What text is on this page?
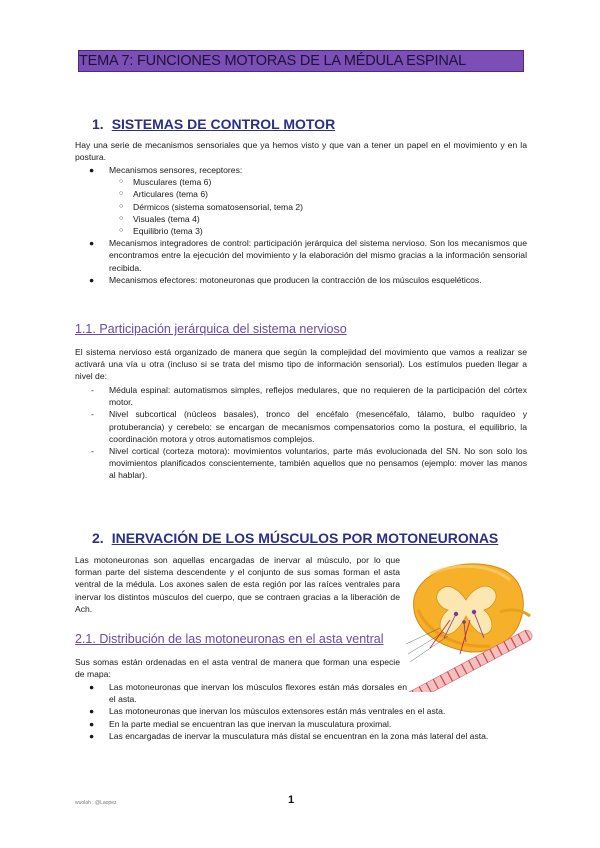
TEMA 7: FUNCIONES MOTORAS DE LA MÉDULA ESPINAL
1. SISTEMAS DE CONTROL MOTOR
Hay una serie de mecanismos sensoriales que ya hemos visto y que van a tener un papel en el movimiento y en la postura.
● Mecanismos sensores, receptores:
○ Musculares (tema 6)
○ Articulares (tema 6)
○ Dérmicos (sistema somatosensorial, tema 2)
○ Visuales (tema 4)
○ Equilibrio (tema 3)
● Mecanismos integradores de control: participación jerárquica del sistema nervioso. Son los mecanismos que encontramos entre la ejecución del movimiento y la elaboración del mismo gracias a la información sensorial recibida.
● Mecanismos efectores: motoneuronas que producen la contracción de los músculos esqueléticos.
1.1. Participación jerárquica del sistema nervioso
El sistema nervioso está organizado de manera que según la complejidad del movimiento que vamos a realizar se activará una vía u otra (incluso si se trata del mismo tipo de información sensorial). Los estímulos pueden llegar a nivel de:
- Médula espinal: automatismos simples, reflejos medulares, que no requieren de la participación del córtex motor.
- Nivel subcortical (núcleos basales), tronco del encéfalo (mesencéfalo, tálamo, bulbo raquídeo y protuberancia) y cerebelo: se encargan de mecanismos compensatorios como la postura, el equilibrio, la coordinación motora y otros automatismos complejos.
- Nivel cortical (corteza motora): movimientos voluntarios, parte más evolucionada del SN. No son solo los movimientos planificados conscientemente, también aquellos que no pensamos (ejemplo: mover las manos al hablar).
2. INERVACIÓN DE LOS MÚSCULOS POR MOTONEURONAS
Las motoneuronas son aquellas encargadas de inervar al músculo, por lo que forman parte del sistema descendente y el conjunto de sus somas forman el asta ventral de la médula. Los axones salen de esta región por las raíces ventrales para inervar los distintos músculos del cuerpo, que se contraen gracias a la liberación de Ach.
2.1. Distribución de las motoneuronas en el asta ventral
Sus somas están ordenadas en el asta ventral de manera que forman una especie de mapa:
● Las motoneuronas que inervan los músculos flexores están más dorsales en el asta.
● Las motoneuronas que inervan los músculos extensores están más ventrales en el asta.
● En la parte medial se encuentran las que inervan la musculatura proximal.
● Las encargadas de inervar la musculatura más distal se encuentran en la zona más lateral del asta.
wuolah : @Laopez	1
